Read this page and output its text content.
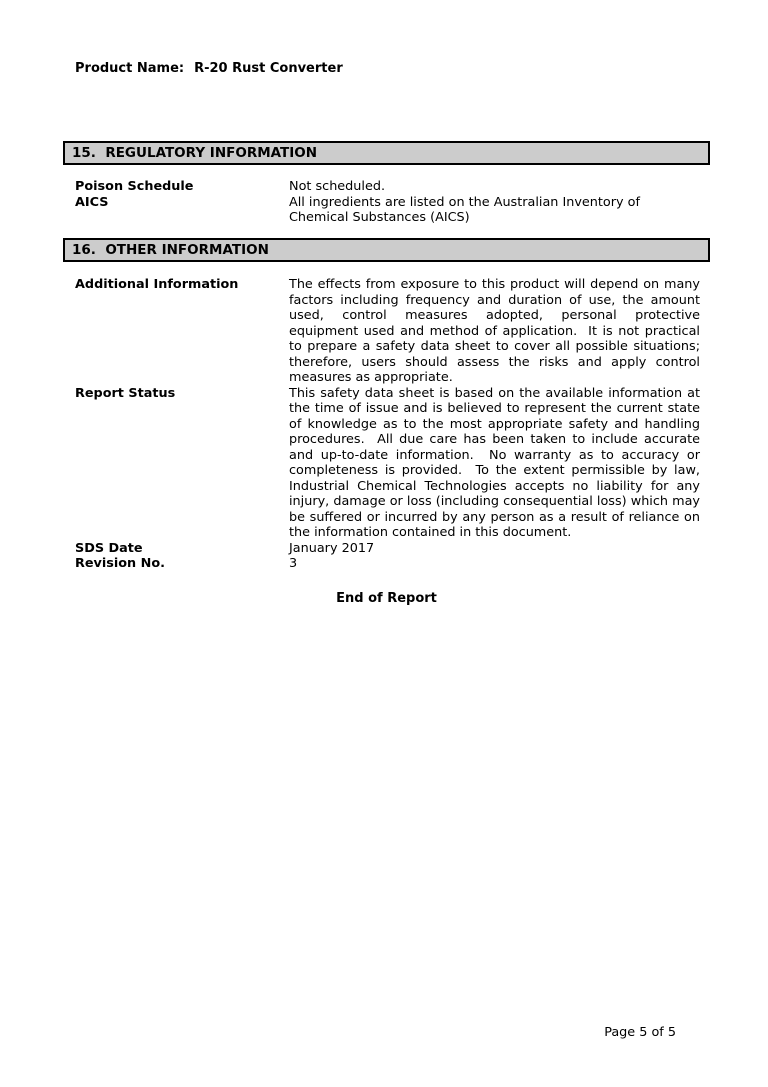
Product Name: R-20 Rust Converter
15.  REGULATORY INFORMATION
Poison Schedule	Not scheduled.
AICS	All ingredients are listed on the Australian Inventory of Chemical Substances (AICS)
16.  OTHER INFORMATION
Additional Information	The effects from exposure to this product will depend on many factors including frequency and duration of use, the amount used, control measures adopted, personal protective equipment used and method of application.  It is not practical to prepare a safety data sheet to cover all possible situations; therefore, users should assess the risks and apply control measures as appropriate.
Report Status	This safety data sheet is based on the available information at the time of issue and is believed to represent the current state of knowledge as to the most appropriate safety and handling procedures.  All due care has been taken to include accurate and up-to-date information.  No warranty as to accuracy or completeness is provided.  To the extent permissible by law, Industrial Chemical Technologies accepts no liability for any injury, damage or loss (including consequential loss) which may be suffered or incurred by any person as a result of reliance on the information contained in this document.
SDS Date	January 2017
Revision No.	3
End of Report
Page 5 of 5
